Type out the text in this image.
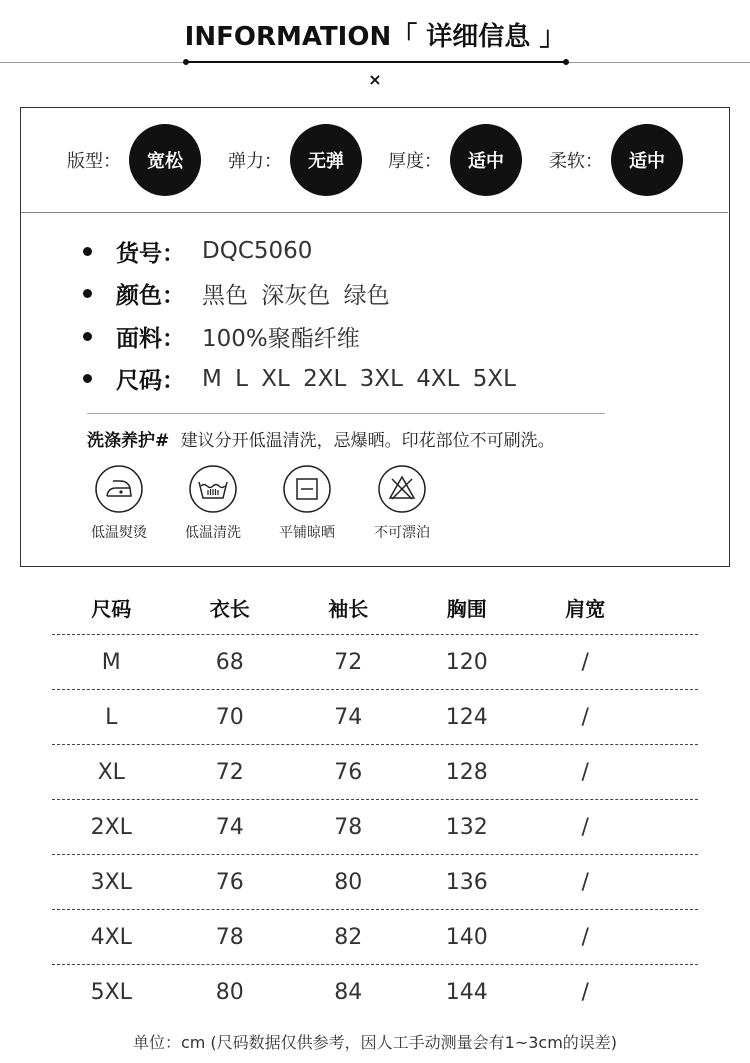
INFORMATION「 详细信息 」
×
版型：	宽松	弹力：	无弹	厚度：	适中	柔软：	适中
货号： DQC5060
颜色： 黑色 深灰色 绿色
面料： 100%聚酯纤维
尺码： M L XL 2XL 3XL 4XL 5XL
洗涤养护# 建议分开低温清洗，忌爆晒。印花部位不可刷洗。
低温熨烫	低温清洗	平铺晾晒	不可漂泊
尺码	衣长	袖长	胸围	肩宽
M	68	72	120	/
L	70	74	124	/
XL	72	76	128	/
2XL	74	78	132	/
3XL	76	80	136	/
4XL	78	82	140	/
5XL	80	84	144	/
单位：cm (尺码数据仅供参考，因人工手动测量会有1~3cm的误差)
